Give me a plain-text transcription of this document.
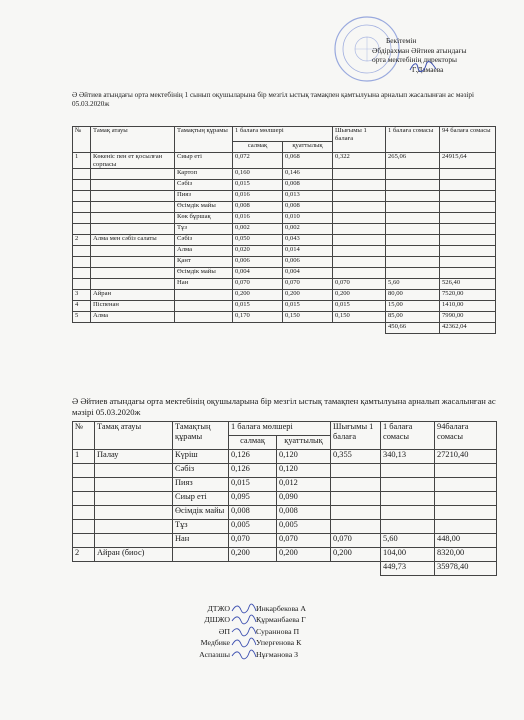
Бекітемін
Әбдірахман Әйтиев атындағы
орта мектебінің директоры
Г.Дамаева
Ә Әйтиев атындағы орта мектебінің 1 сынып оқушыларына бір мезгіл ыстық тамақпен қамтылуына арналып жасалынған ас мәзірі 05.03.2020ж
№	Тамақ атауы	Тамақтың құрамы	1 балаға мөлшері		Шығымы 1 балаға	1 балаға сомасы	94 балаға сомасы
			салмақ	қуаттылық			
1	Көкеніс пен ет қосылған сорпасы	Сиыр еті	0,072	0,068	0,322	265,06	24915,64
		Картоп	0,160	0,146			
		Сәбіз	0,015	0,008			
		Пияз	0,016	0,013			
		Өсімдік майы	0,008	0,008			
		Көк бұршақ	0,016	0,010			
		Тұз	0,002	0,002			
2	Алма мен сәбіз салаты	Сәбіз	0,050	0,043			
		Алма	0,020	0,014			
		Қант	0,006	0,006			
		Өсімдік майы	0,004	0,004			
		Нан	0,070	0,070	0,070	5,60	526,40
3	Айран		0,200	0,200	0,200	80,00	7520,00
4	Піспенан		0,015	0,015	0,015	15,00	1410,00
5	Алма		0,170	0,150	0,150	85,00	7990,00
						450,66	42362,04
Ә Әйтиев атындағы орта мектебінің оқушыларына бір мезгіл ыстық тамақпен қамтылуына арналып жасалынған ас мәзірі 05.03.2020ж
№	Тамақ атауы	Тамақтың құрамы	1 балаға мөлшері		Шығымы 1 балаға	1 балаға сомасы	94балаға сомасы
			салмақ	қуаттылық			
1	Палау	Күріш	0,126	0,120	0,355	340,13	27210,40
		Сәбіз	0,126	0,120			
		Пияз	0,015	0,012			
		Сиыр еті	0,095	0,090			
		Өсімдік майы	0,008	0,008			
		Тұз	0,005	0,005			
		Нан	0,070	0,070	0,070	5,60	448,00
2	Айран (биос)		0,200	0,200	0,200	104,00	8320,00
						449,73	35978,40
ДТЖО	Инкарбекова А
ДШЖО	Құрманбаева Г
ӘП	Сураннова П
Медбике	Уперғенова К
Аспазшы	Нұғманова З
